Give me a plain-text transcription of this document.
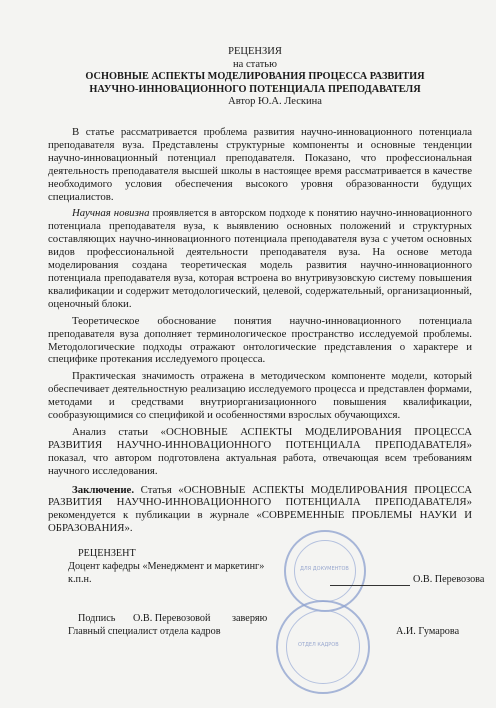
РЕЦЕНЗИЯ
на статью
ОСНОВНЫЕ АСПЕКТЫ МОДЕЛИРОВАНИЯ ПРОЦЕССА РАЗВИТИЯ
НАУЧНО-ИННОВАЦИОННОГО ПОТЕНЦИАЛА ПРЕПОДАВАТЕЛЯ
Автор Ю.А. Лескина

В статье рассматривается проблема развития научно-инновационного потенциала преподавателя вуза. Представлены структурные компоненты и основные тенденции научно-инновационный потенциал преподавателя. Показано, что профессиональная деятельность преподавателя высшей школы в настоящее время рассматривается в качестве необходимого условия обеспечения высокого уровня образованности будущих специалистов.

Научная новизна проявляется в авторском подходе к понятию научно-инновационного потенциала преподавателя вуза, к выявлению основных положений и структурных составляющих научно-инновационного потенциала преподавателя вуза с учетом основных видов профессиональной деятельности преподавателя вуза. На основе метода моделирования создана теоретическая модель развития научно-инновационного потенциала преподавателя вуза, которая встроена во внутривузовскую систему повышения квалификации и содержит методологический, целевой, содержательный, организационный, оценочный блоки.

Теоретическое обоснование понятия научно-инновационного потенциала преподавателя вуза дополняет терминологическое пространство исследуемой проблемы. Методологические подходы отражают онтологические представления о характере и специфике протекания исследуемого процесса.

Практическая значимость отражена в методическом компоненте модели, который обеспечивает деятельностную реализацию исследуемого процесса и представлен формами, методами и средствами внутриорганизационного повышения квалификации, сообразующимися со спецификой и особенностями взрослых обучающихся.

Анализ статьи «ОСНОВНЫЕ АСПЕКТЫ МОДЕЛИРОВАНИЯ ПРОЦЕССА РАЗВИТИЯ НАУЧНО-ИННОВАЦИОННОГО ПОТЕНЦИАЛА ПРЕПОДАВАТЕЛЯ» показал, что автором подготовлена актуальная работа, отвечающая всем требованиям научного исследования.

Заключение. Статья «ОСНОВНЫЕ АСПЕКТЫ МОДЕЛИРОВАНИЯ ПРОЦЕССА РАЗВИТИЯ НАУЧНО-ИННОВАЦИОННОГО ПОТЕНЦИАЛА ПРЕПОДАВАТЕЛЯ» рекомендуется к публикации в журнале «СОВРЕМЕННЫЕ ПРОБЛЕМЫ НАУКИ И ОБРАЗОВАНИЯ».

ДЛЯ ДОКУМЕНТОВ
ОТДЕЛ КАДРОВ
РЕЦЕНЗЕНТ
Доцент кафедры «Менеджмент и маркетинг»
к.п.н.	О.В. Перевозова
Подпись О.В. Перевозовой заверяю
Главный специалист отдела кадров	А.И. Гумарова
